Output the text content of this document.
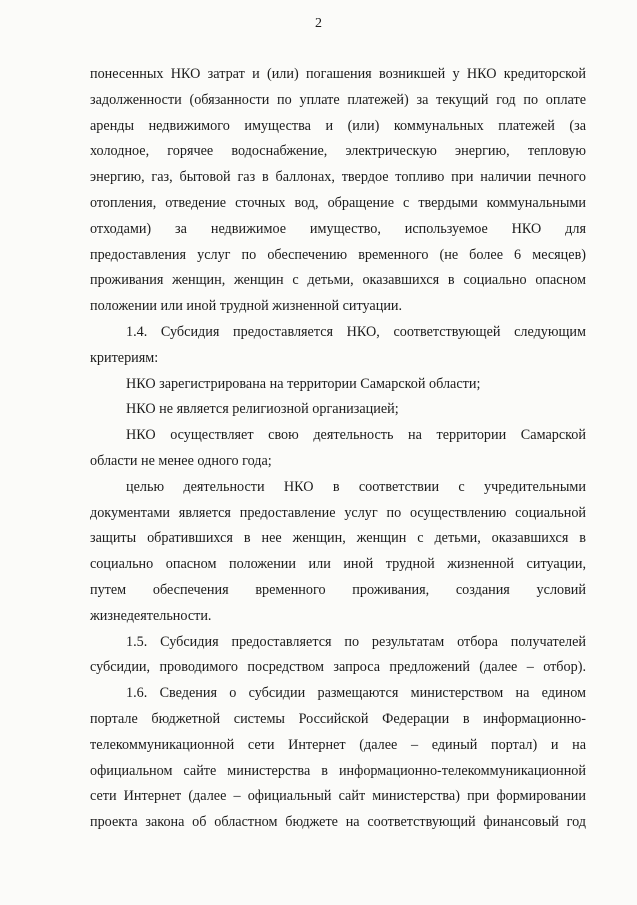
2
понесенных НКО затрат и (или) погашения возникшей у НКО кредиторской
задолженности (обязанности по уплате платежей) за текущий год по оплате
аренды недвижимого имущества и (или) коммунальных платежей (за
холодное, горячее водоснабжение, электрическую энергию, тепловую
энергию, газ, бытовой газ в баллонах, твердое топливо при наличии печного
отопления, отведение сточных вод, обращение с твердыми коммунальными
отходами) за недвижимое имущество, используемое НКО для
предоставления услуг по обеспечению временного (не более 6 месяцев)
проживания женщин, женщин с детьми, оказавшихся в социально опасном
положении или иной трудной жизненной ситуации.
1.4. Субсидия предоставляется НКО, соответствующей следующим
критериям:
НКО зарегистрирована на территории Самарской области;
НКО не является религиозной организацией;
НКО осуществляет свою деятельность на территории Самарской
области не менее одного года;
целью деятельности НКО в соответствии с учредительными
документами является предоставление услуг по осуществлению социальной
защиты обратившихся в нее женщин, женщин с детьми, оказавшихся в
социально опасном положении или иной трудной жизненной ситуации,
путем обеспечения временного проживания, создания условий
жизнедеятельности.
1.5. Субсидия предоставляется по результатам отбора получателей
субсидии, проводимого посредством запроса предложений (далее – отбор).
1.6. Сведения о субсидии размещаются министерством на едином
портале бюджетной системы Российской Федерации в информационно-
телекоммуникационной сети Интернет (далее – единый портал) и на
официальном сайте министерства в информационно-телекоммуникационной
сети Интернет (далее – официальный сайт министерства) при формировании
проекта закона об областном бюджете на соответствующий финансовый год
